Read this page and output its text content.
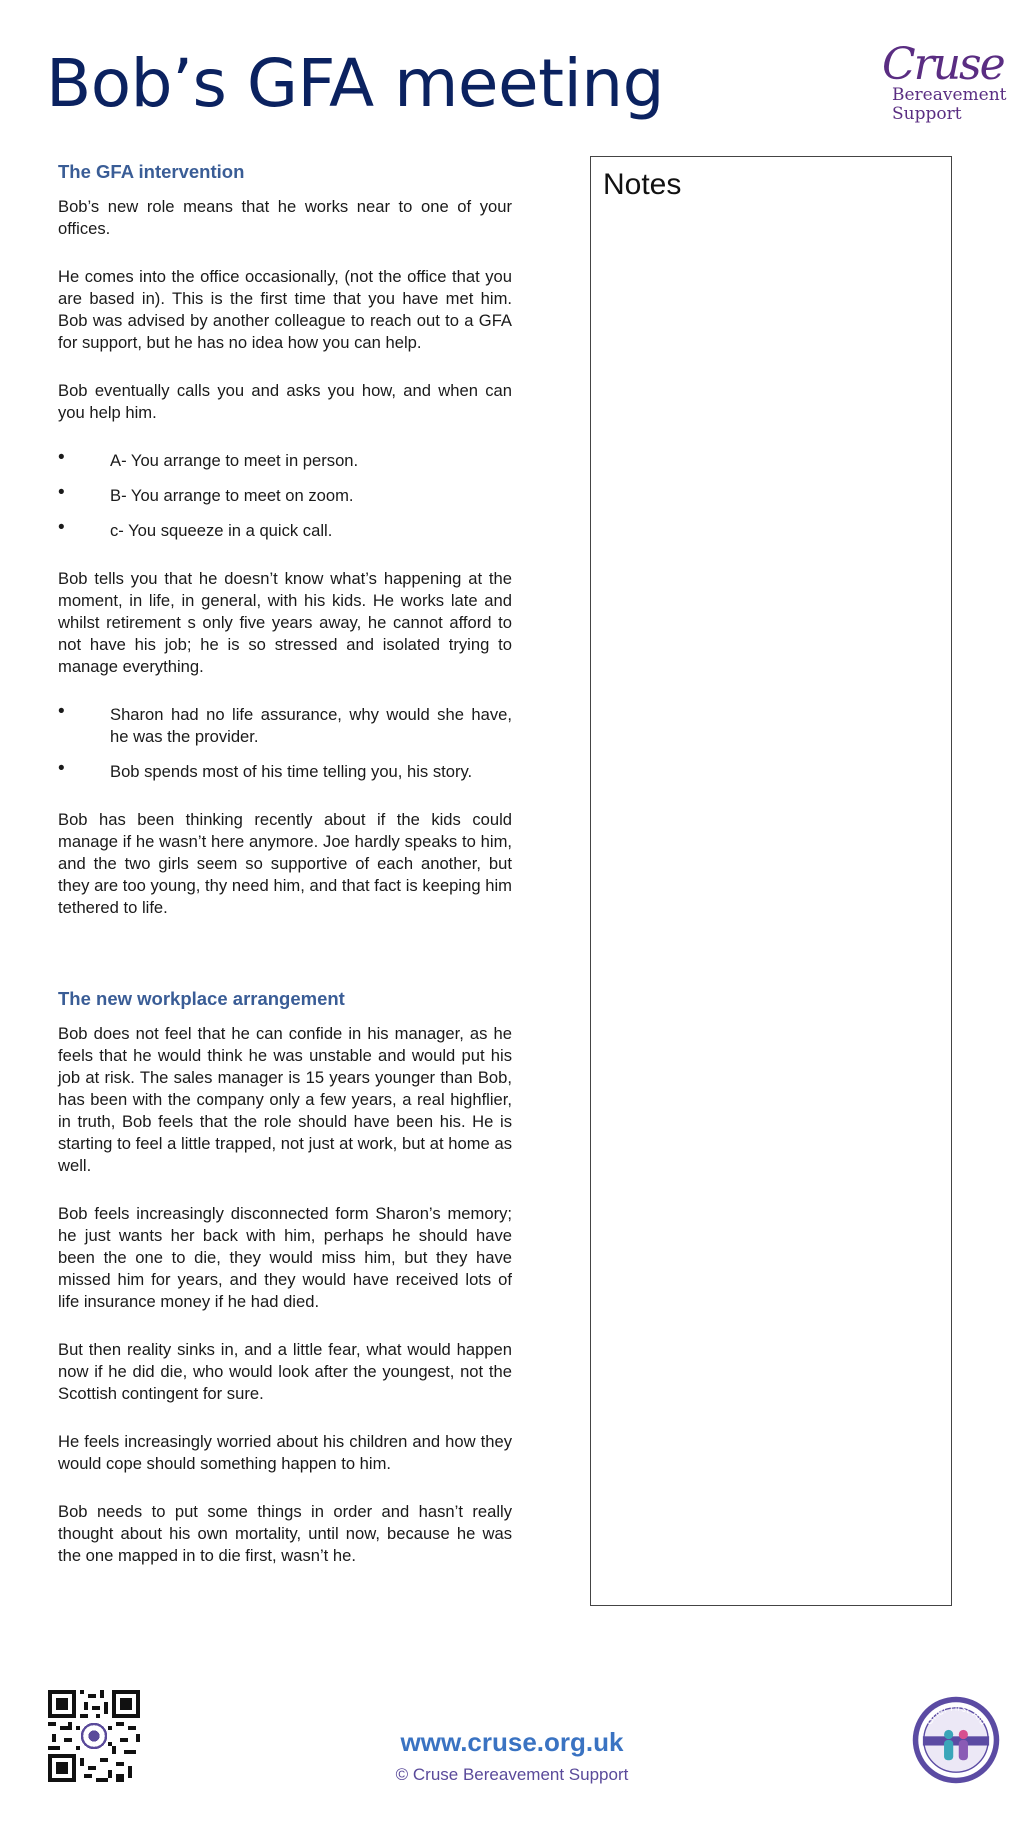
Bob’s GFA meeting	Cruse
Bereavement
Support
The GFA intervention

Bob’s new role means that he works near to one of your offices.

He comes into the office occasionally, (not the office that you are based in). This is the first time that you have met him. Bob was advised by another colleague to reach out to a GFA for support, but he has no idea how you can help.

Bob eventually calls you and asks you how, and when can you help him.

• A- You arrange to meet in person.
• B- You arrange to meet on zoom.
• c- You squeeze in a quick call.

Bob tells you that he doesn’t know what’s happening at the moment, in life, in general, with his kids. He works late and whilst retirement s only five years away, he cannot afford to not have his job; he is so stressed and isolated trying to manage everything.

• Sharon had no life assurance, why would she have, he was the provider.
• Bob spends most of his time telling you, his story.

Bob has been thinking recently about if the kids could manage if he wasn’t here anymore. Joe hardly speaks to him, and the two girls seem so supportive of each another, but they are too young, thy need him, and that fact is keeping him tethered to life.

The new workplace arrangement

Bob does not feel that he can confide in his manager, as he feels that he would think he was unstable and would put his job at risk. The sales manager is 15 years younger than Bob, has been with the company only a few years, a real highflier, in truth, Bob feels that the role should have been his. He is starting to feel a little trapped, not just at work, but at home as well.

Bob feels increasingly disconnected form Sharon’s memory; he just wants her back with him, perhaps he should have been the one to die, they would miss him, but they have missed him for years, and they would have received lots of life insurance money if he had died.

But then reality sinks in, and a little fear, what would happen now if he did die, who would look after the youngest, not the Scottish contingent for sure.

He feels increasingly worried about his children and how they would cope should something happen to him.

Bob needs to put some things in order and hasn’t really thought about his own mortality, until now, because he was the one mapped in to die first, wasn’t he.

Notes
www.cruse.org.uk
© Cruse Bereavement Support
Grief First Aid
